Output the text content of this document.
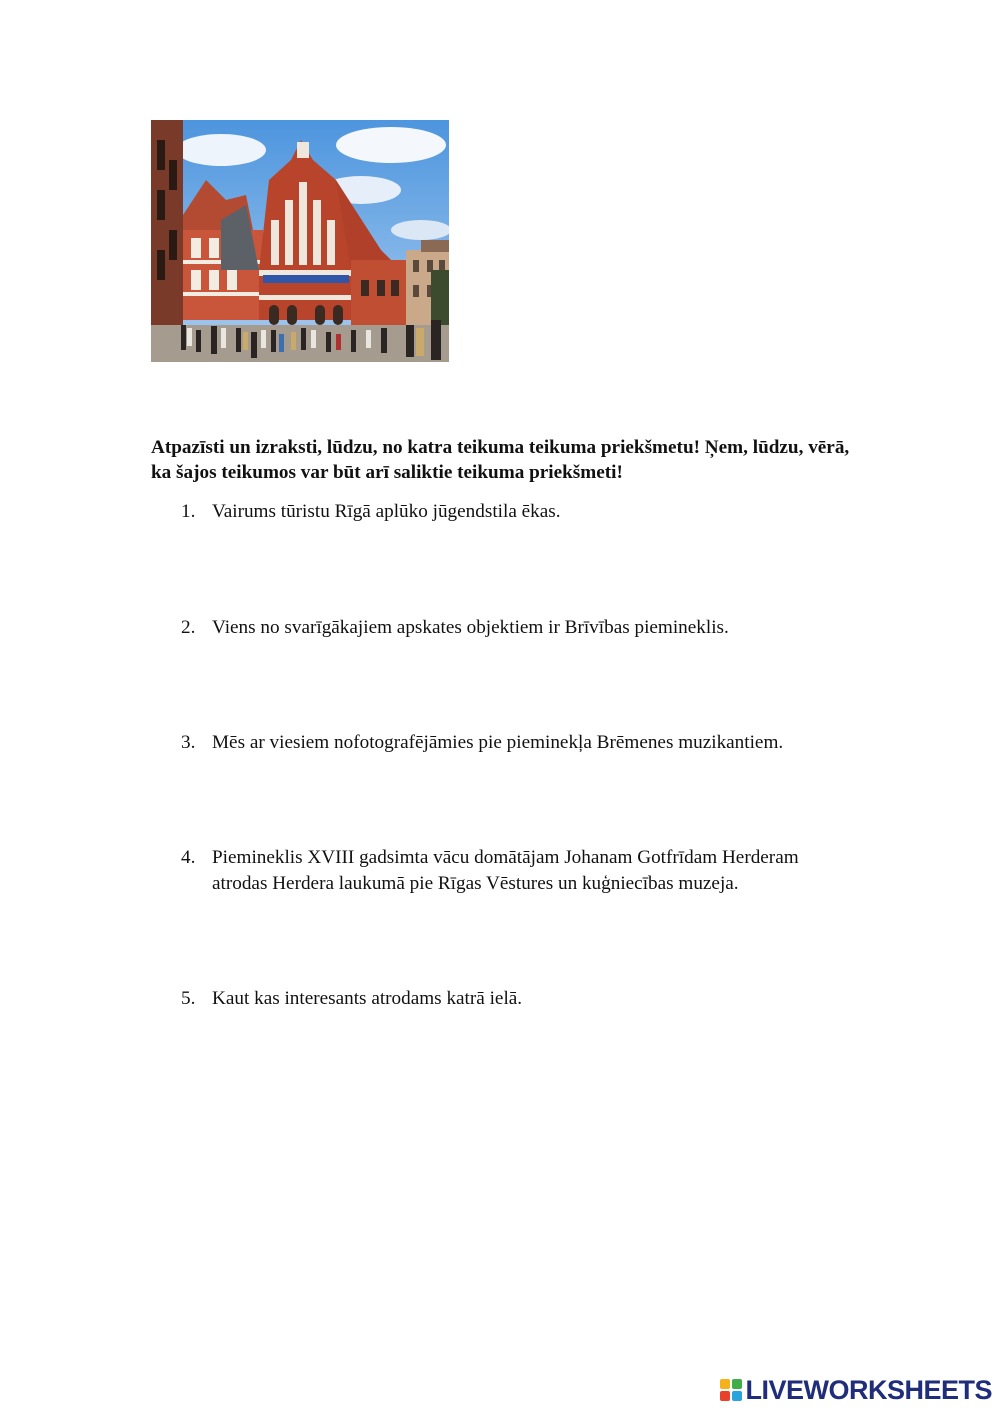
Atpazīsti un izraksti, lūdzu, no katra teikuma teikuma priekšmetu! Ņem, lūdzu, vērā, ka šajos teikumos var būt arī saliktie teikuma priekšmeti!

1. Vairums tūristu Rīgā aplūko jūgendstila ēkas.
2. Viens no svarīgākajiem apskates objektiem ir Brīvības piemineklis.
3. Mēs ar viesiem nofotografējāmies pie pieminekļa Brēmenes muzikantiem.
4. Piemineklis XVIII gadsimta vācu domātājam Johanam Gotfrīdam Herderam atrodas Herdera laukumā pie Rīgas Vēstures un kuģniecības muzeja.
5. Kaut kas interesants atrodams katrā ielā.
LIVEWORKSHEETS
